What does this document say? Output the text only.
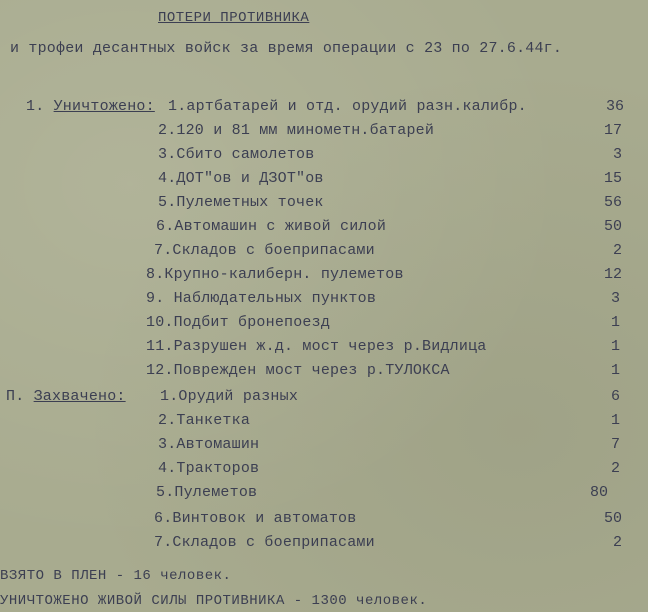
ПОТЕРИ ПРОТИВНИКА
и трофеи десантных войск за время операции с 23 по 27.6.44г.
1. Уничтожено: 1.артбатарей и отд. орудий разн.калибр.	36
2.120 и 81 мм минометн.батарей	17
3.Сбито самолетов	3
4.ДОТ"ов и ДЗОТ"ов	15
5.Пулеметных точек	56
6.Автомашин с живой силой	50
7.Складов с боеприпасами	2
8.Крупно-калиберн. пулеметов	12
9. Наблюдательных пунктов	3
10.Подбит бронепоезд	1
11.Разрушен ж.д. мост через р.Видлица	1
12.Поврежден мост через р.ТУЛОКСА	1
П. Захвачено: 1.Орудий разных	6
2.Танкетка	1
3.Автомашин	7
4.Тракторов	2
5.Пулеметов	80
6.Винтовок и автоматов	50
7.Складов с боеприпасами	2
ВЗЯТО В ПЛЕН - 16 человек.
УНИЧТОЖЕНО ЖИВОЙ СИЛЫ ПРОТИВНИКА - 1300 человек.
